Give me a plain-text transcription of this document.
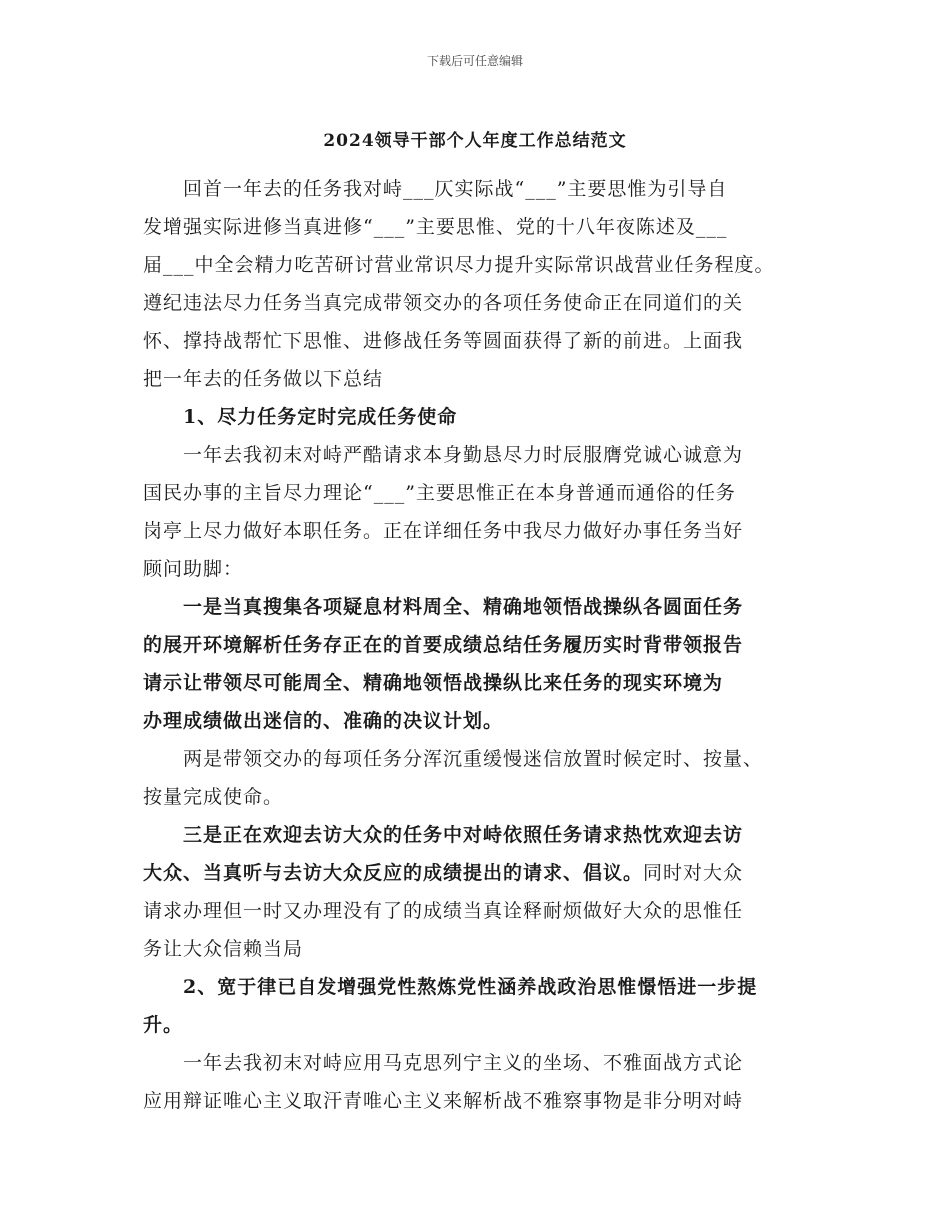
下载后可任意编辑
2024领导干部个人年度工作总结范文
　　回首一年去的任务我对峙___仄实际战“___”主要思惟为引导自
发增强实际进修当真进修“___”主要思惟、党的十八年夜陈述及___
届___中全会精力吃苦研讨营业常识尽力提升实际常识战营业任务程度。
遵纪违法尽力任务当真完成带领交办的各项任务使命正在同道们的关
怀、撑持战帮忙下思惟、进修战任务等圆面获得了新的前进。上面我
把一年去的任务做以下总结
　　1、尽力任务定时完成任务使命
　　一年去我初末对峙严酷请求本身勤恳尽力时辰服膺党诚心诚意为
国民办事的主旨尽力理论“___”主要思惟正在本身普通而通俗的任务
岗亭上尽力做好本职任务。正在详细任务中我尽力做好办事任务当好
顾问助脚：
　　一是当真搜集各项疑息材料周全、精确地领悟战操纵各圆面任务
的展开环境解析任务存正在的首要成绩总结任务履历实时背带领报告
请示让带领尽可能周全、精确地领悟战操纵比来任务的现实环境为
办理成绩做出迷信的、准确的决议计划。
　　两是带领交办的每项任务分浑沉重缓慢迷信放置时候定时、按量、
按量完成使命。
　　三是正在欢迎去访大众的任务中对峙依照任务请求热忱欢迎去访
大众、当真听与去访大众反应的成绩提出的请求、倡议。同时对大众
请求办理但一时又办理没有了的成绩当真诠释耐烦做好大众的思惟任
务让大众信赖当局
　　2、宽于律已自发增强党性熬炼党性涵养战政治思惟憬悟进一步提
升。
　　一年去我初末对峙应用马克思列宁主义的坐场、不雅面战方式论
应用辩证唯心主义取汗青唯心主义来解析战不雅察事物是非分明对峙
